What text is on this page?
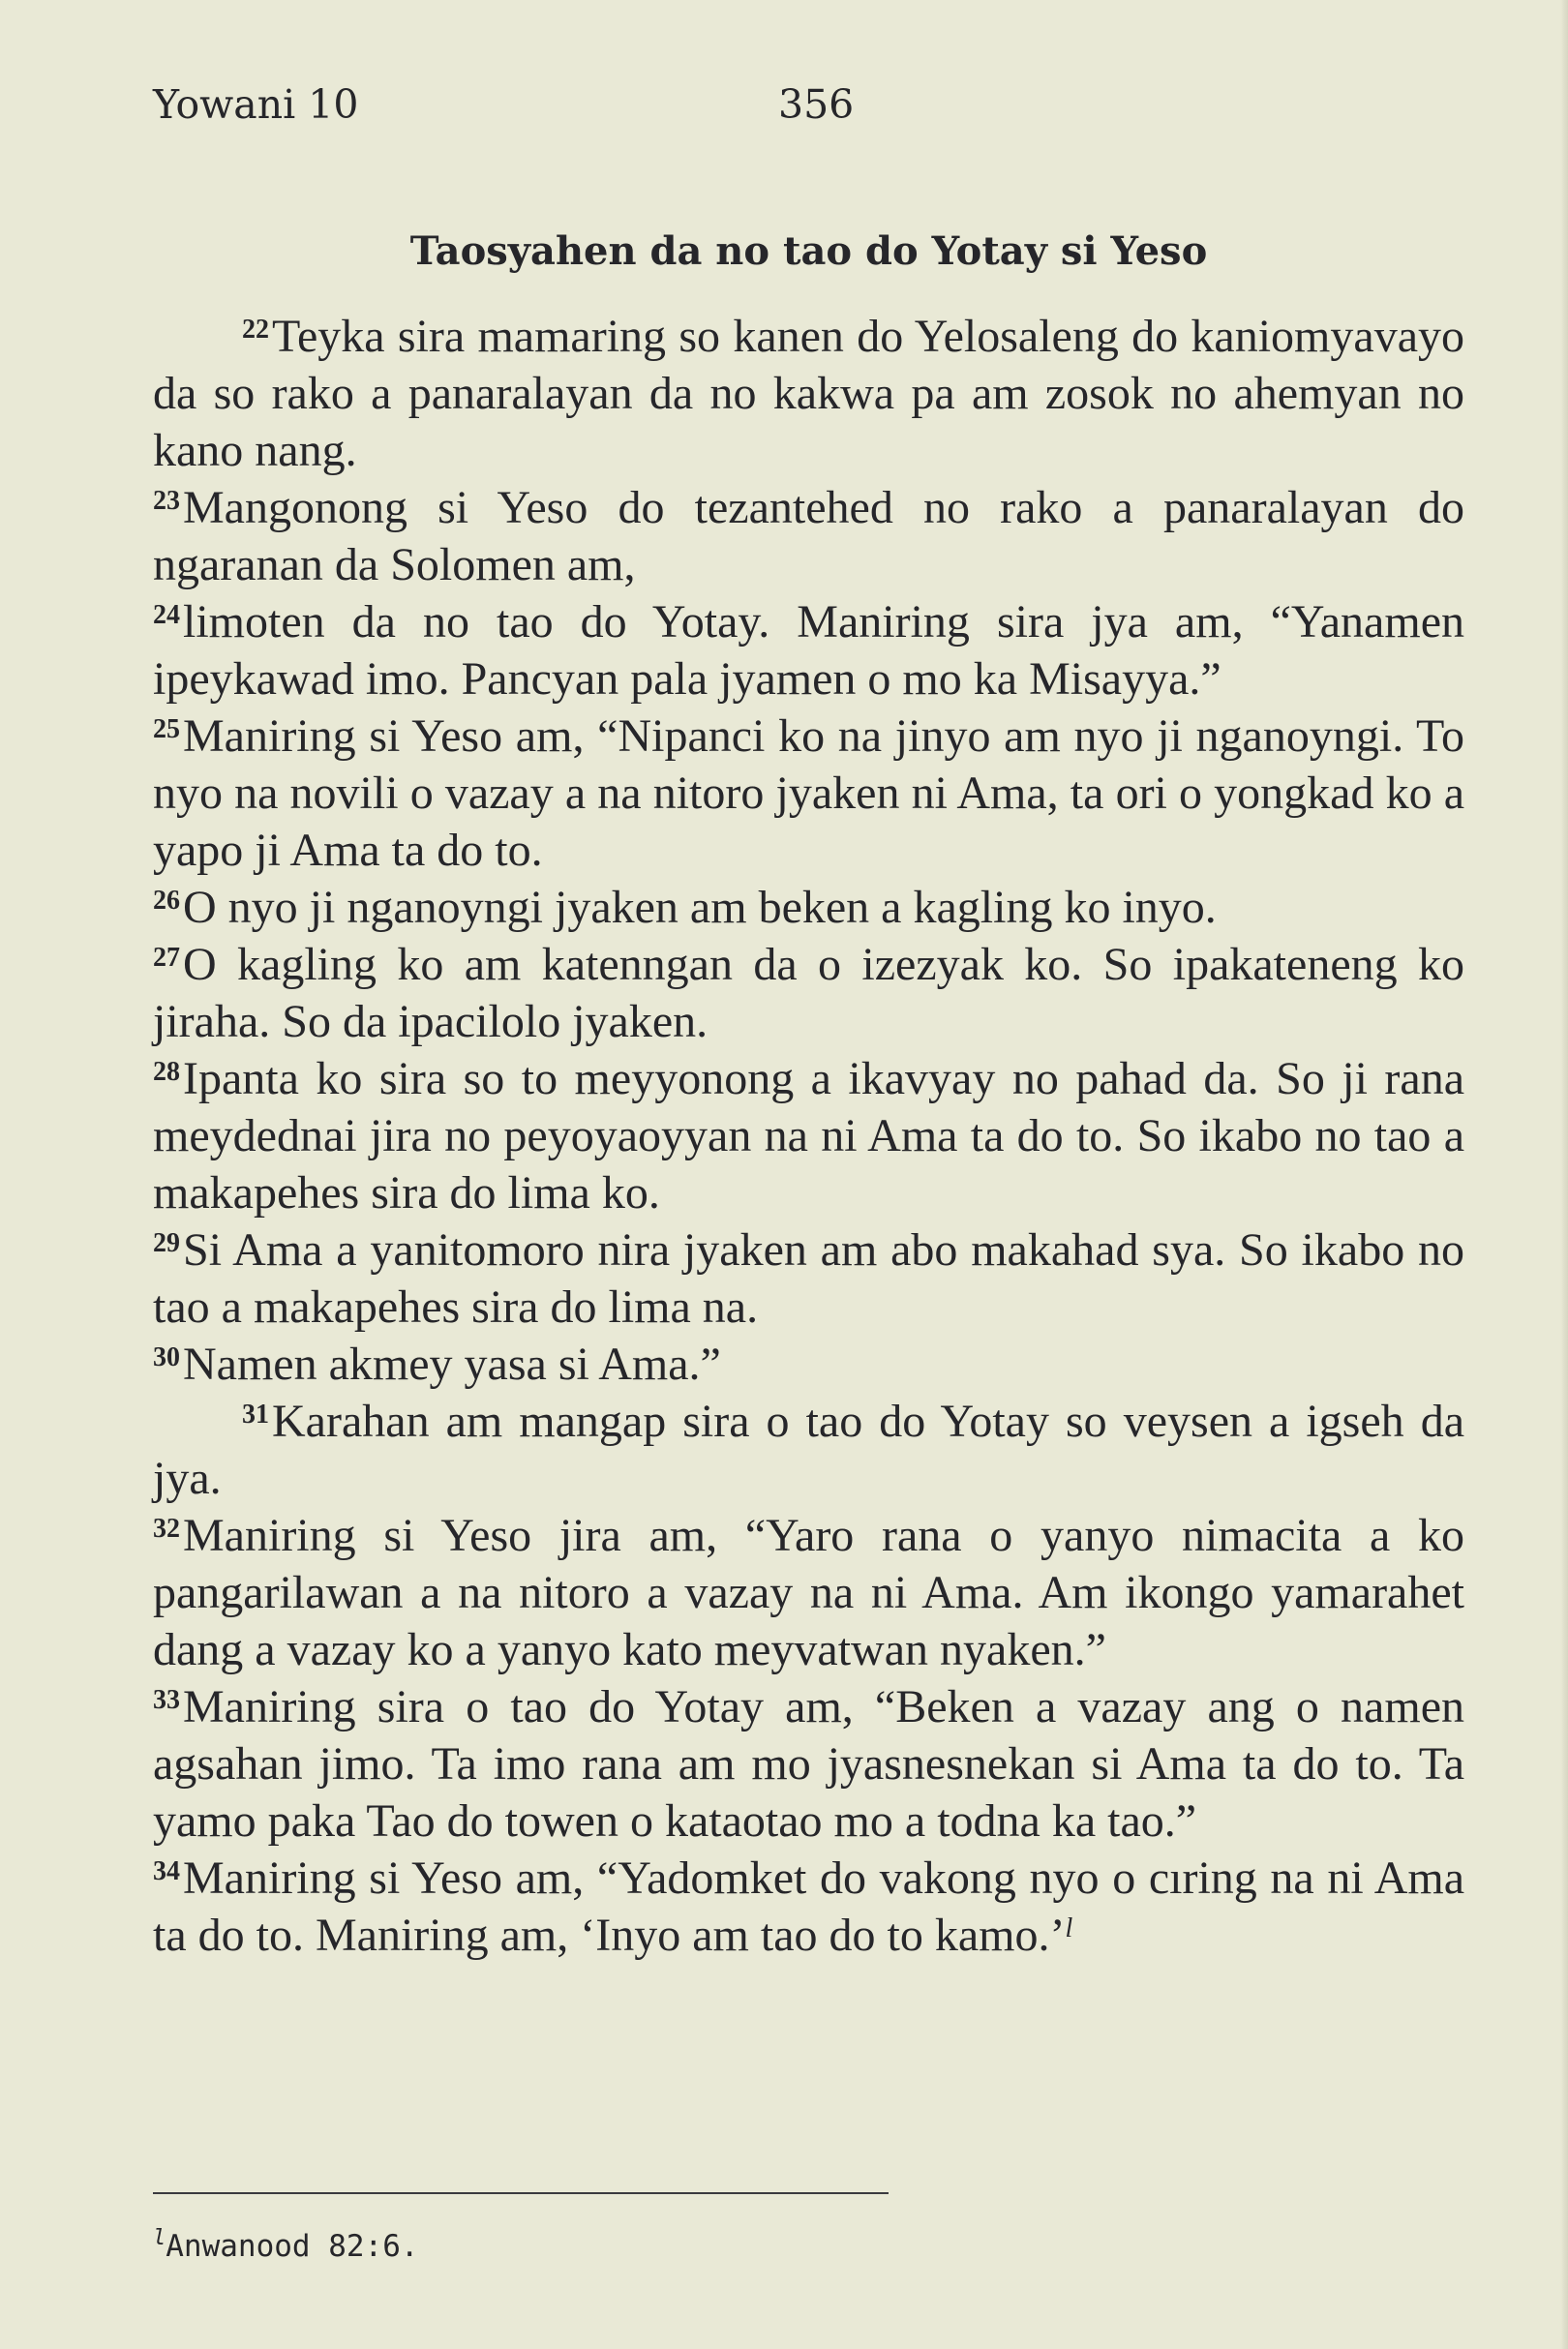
Yowani 10	356
Taosyahen da no tao do Yotay si Yeso

$^{22}$Teyka sira mamaring so kanen do Yelosaleng do kaniomyavayo da so rako a panaralayan da no kakwa pa am zosok no ahemyan no kano nang.

$^{23}$Mangonong si Yeso do tezantehed no rako a panaralayan do ngaranan da Solomen am,

$^{24}$limoten da no tao do Yotay. Maniring sira jya am, “Yanamen ipeykawad imo. Pancyan pala jyamen o mo ka Misayya.”

$^{25}$Maniring si Yeso am, “Nipanci ko na jinyo am nyo ji nganoyngi. To nyo na novili o vazay a na nitoro jyaken ni Ama, ta ori o yongkad ko a yapo ji Ama ta do to.

$^{26}$O nyo ji nganoyngi jyaken am beken a kagling ko inyo.

$^{27}$O kagling ko am katenngan da o izezyak ko. So ipakateneng ko jiraha. So da ipacilolo jyaken.

$^{28}$Ipanta ko sira so to meyyonong a ikavyay no pahad da. So ji rana meydednai jira no peyoyaoyyan na ni Ama ta do to. So ikabo no tao a makapehes sira do lima ko.

$^{29}$Si Ama a yanitomoro nira jyaken am abo makahad sya. So ikabo no tao a makapehes sira do lima na.

$^{30}$Namen akmey yasa si Ama.”

$^{31}$Karahan am mangap sira o tao do Yotay so veysen a igseh da jya.

$^{32}$Maniring si Yeso jira am, “Yaro rana o yanyo nimacita a ko pangarilawan a na nitoro a vazay na ni Ama. Am ikongo yamarahet dang a vazay ko a yanyo kato meyvatwan nyaken.”

$^{33}$Maniring sira o tao do Yotay am, “Beken a vazay ang o namen agsahan jimo. Ta imo rana am mo jyasnesnekan si Ama ta do to. Ta yamo paka Tao do towen o kataotao mo a todna ka tao.”

$^{34}$Maniring si Yeso am, “Yadomket do vakong nyo o cıring na ni Ama ta do to. Maniring am, ‘Inyo am tao do to kamo.’$^l$

$^l$Anwanood 82:6.
